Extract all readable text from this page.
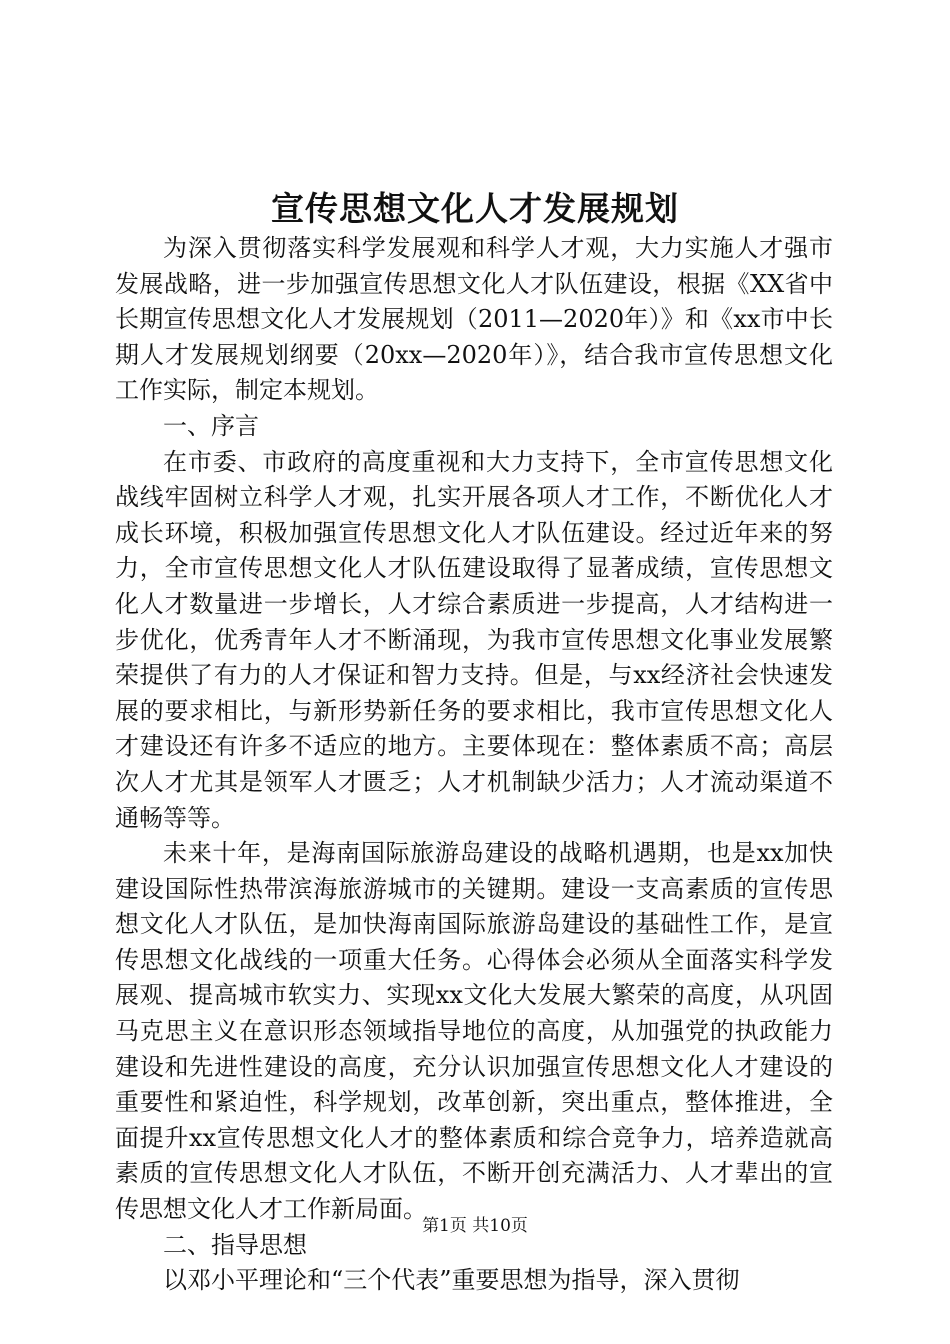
宣传思想文化人才发展规划

为深入贯彻落实科学发展观和科学人才观，大力实施人才强市发展战略，进一步加强宣传思想文化人才队伍建设，根据《XX省中长期宣传思想文化人才发展规划（2011—2020年）》和《xx市中长期人才发展规划纲要（20xx—2020年）》，结合我市宣传思想文化工作实际，制定本规划。

一、序言

在市委、市政府的高度重视和大力支持下，全市宣传思想文化战线牢固树立科学人才观，扎实开展各项人才工作，不断优化人才成长环境，积极加强宣传思想文化人才队伍建设。经过近年来的努力，全市宣传思想文化人才队伍建设取得了显著成绩，宣传思想文化人才数量进一步增长，人才综合素质进一步提高，人才结构进一步优化，优秀青年人才不断涌现，为我市宣传思想文化事业发展繁荣提供了有力的人才保证和智力支持。但是，与xx经济社会快速发展的要求相比，与新形势新任务的要求相比，我市宣传思想文化人才建设还有许多不适应的地方。主要体现在：整体素质不高；高层次人才尤其是领军人才匮乏；人才机制缺少活力；人才流动渠道不通畅等等。

未来十年，是海南国际旅游岛建设的战略机遇期，也是xx加快建设国际性热带滨海旅游城市的关键期。建设一支高素质的宣传思想文化人才队伍，是加快海南国际旅游岛建设的基础性工作，是宣传思想文化战线的一项重大任务。心得体会必须从全面落实科学发展观、提高城市软实力、实现xx文化大发展大繁荣的高度，从巩固马克思主义在意识形态领域指导地位的高度，从加强党的执政能力建设和先进性建设的高度，充分认识加强宣传思想文化人才建设的重要性和紧迫性，科学规划，改革创新，突出重点，整体推进，全面提升xx宣传思想文化人才的整体素质和综合竞争力，培养造就高素质的宣传思想文化人才队伍，不断开创充满活力、人才辈出的宣传思想文化人才工作新局面。

二、指导思想

以邓小平理论和“三个代表”重要思想为指导，深入贯彻

第1页 共10页
